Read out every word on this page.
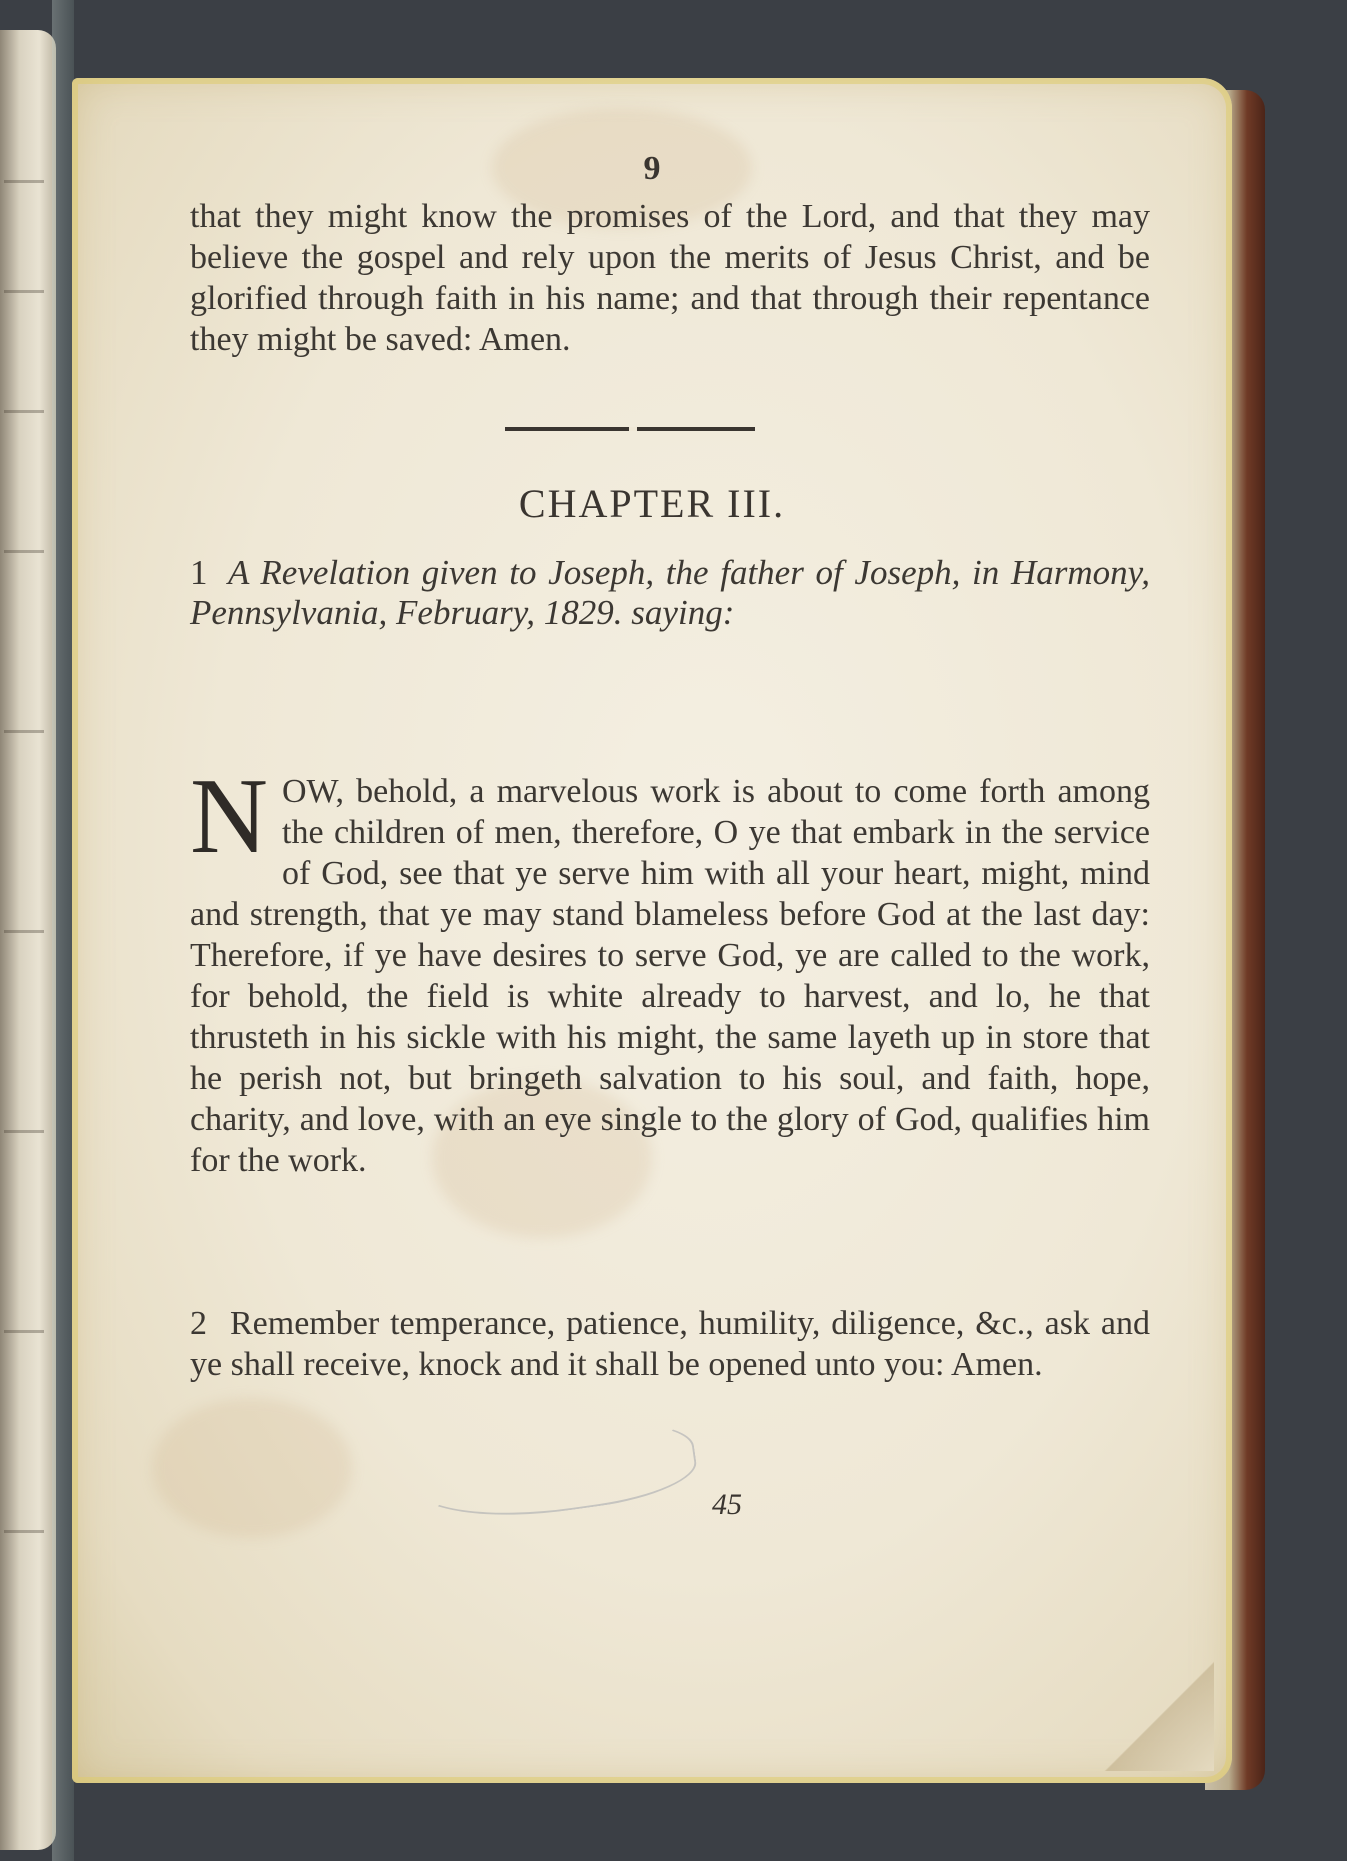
9

that they might know the promises of the Lord, and that they may believe the gospel and rely upon the merits of Jesus Christ, and be glorified through faith in his name; and that through their repentance they might be saved: Amen.

CHAPTER III.
1 A Revelation given to Joseph, the father of Joseph, in Harmony, Pennsylvania, February, 1829. saying:
NOW, behold, a marvelous work is about to come forth among the children of men, therefore, O ye that embark in the service of God, see that ye serve him with all your heart, might, mind and strength, that ye may stand blameless before God at the last day: Therefore, if ye have desires to serve God, ye are called to the work, for behold, the field is white already to harvest, and lo, he that thrusteth in his sickle with his might, the same layeth up in store that he perish not, but bringeth salvation to his soul, and faith, hope, charity, and love, with an eye single to the glory of God, qualifies him for the work.
2 Remember temperance, patience, humility, diligence, &c., ask and ye shall receive, knock and it shall be opened unto you: Amen.
45
